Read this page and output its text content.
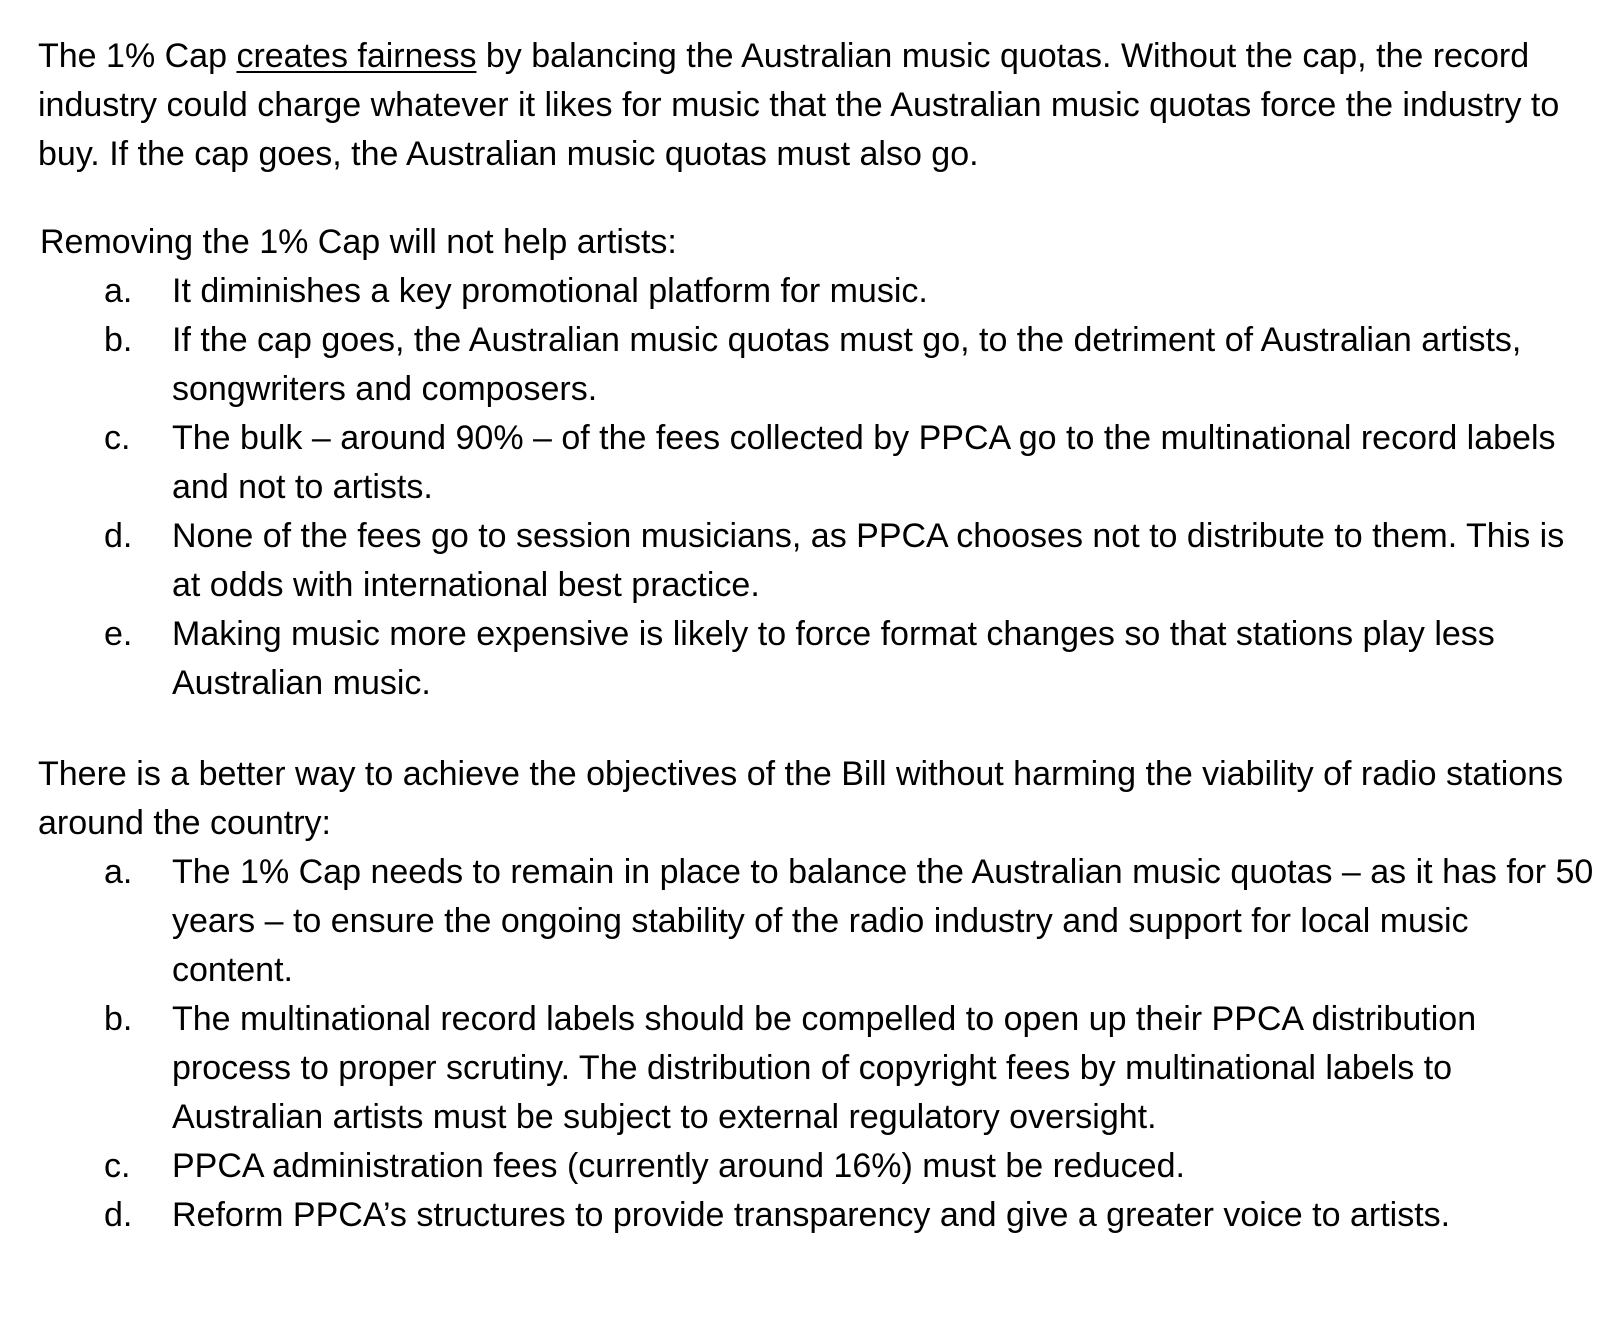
The 1% Cap creates fairness by balancing the Australian music quotas. Without the cap, the record industry could charge whatever it likes for music that the Australian music quotas force the industry to buy. If the cap goes, the Australian music quotas must also go.

Removing the 1% Cap will not help artists:

a. It diminishes a key promotional platform for music.
b. If the cap goes, the Australian music quotas must go, to the detriment of Australian artists, songwriters and composers.
c. The bulk – around 90% – of the fees collected by PPCA go to the multinational record labels and not to artists.
d. None of the fees go to session musicians, as PPCA chooses not to distribute to them. This is at odds with international best practice.
e. Making music more expensive is likely to force format changes so that stations play less Australian music.

There is a better way to achieve the objectives of the Bill without harming the viability of radio stations around the country:

a. The 1% Cap needs to remain in place to balance the Australian music quotas – as it has for 50 years – to ensure the ongoing stability of the radio industry and support for local music content.
b. The multinational record labels should be compelled to open up their PPCA distribution process to proper scrutiny. The distribution of copyright fees by multinational labels to Australian artists must be subject to external regulatory oversight.
c. PPCA administration fees (currently around 16%) must be reduced.
d. Reform PPCA’s structures to provide transparency and give a greater voice to artists.
